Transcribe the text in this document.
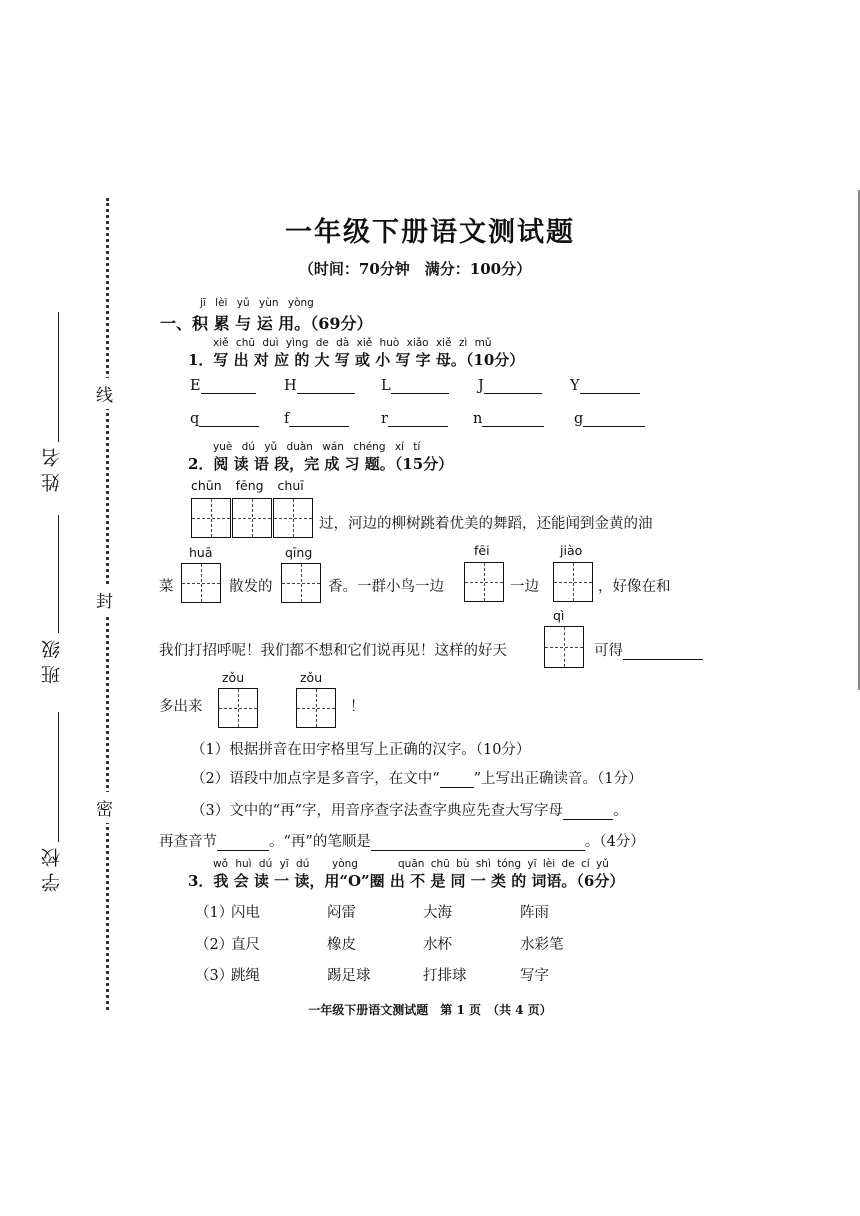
线
封
密
姓名
班级
学校
一年级下册语文测试题
（时间：70分钟　满分：100分）
jī lèi yǔ yùn yòng
一、积 累 与 运 用。（69分）
xiě chū duì yìng de dà xiě huò xiǎo xiě zì mǔ
1．写 出 对 应 的 大 写 或 小 写 字 母。（10分）
E	H	L	J	Y
q	f	r	n	g
yuè dú yǔ duàn wán chéng xí tí
2．阅 读 语 段，完 成 习 题。（15分）
chūn fēng chuī
过，河边的柳树跳着优美的舞蹈，还能闻到金黄的油
huā	qīng	fēi	jiào
菜	散发的	香。一群小鸟一边	一边	，好像在和
qì
我们打招呼呢！我们都不想和它们说再见！这样的好天	可得
zǒu	zǒu
多出来	！
（1）根据拼音在田字格里写上正确的汉字。（10分）
（2）语段中加点字是多音字，在文中“ ”上写出正确读音。（1分）
（3）文中的“再”字，用音序查字法查字典应先查大写字母	。
再查音节	。“再”的笔顺是	。（4分）
wǒ huì dú yī dú yòng	quān chū bù shì tóng yī lèi de cí yǔ
3．我 会 读 一 读，用“O”圈 出 不 是 同 一 类 的 词语。（6分）
（1）
闪电	闷雷	大海	阵雨
（2）
直尺	橡皮	水杯	水彩笔
（3）
跳绳	踢足球	打排球	写字
一年级下册语文测试题　第 1 页　（共 4 页）
